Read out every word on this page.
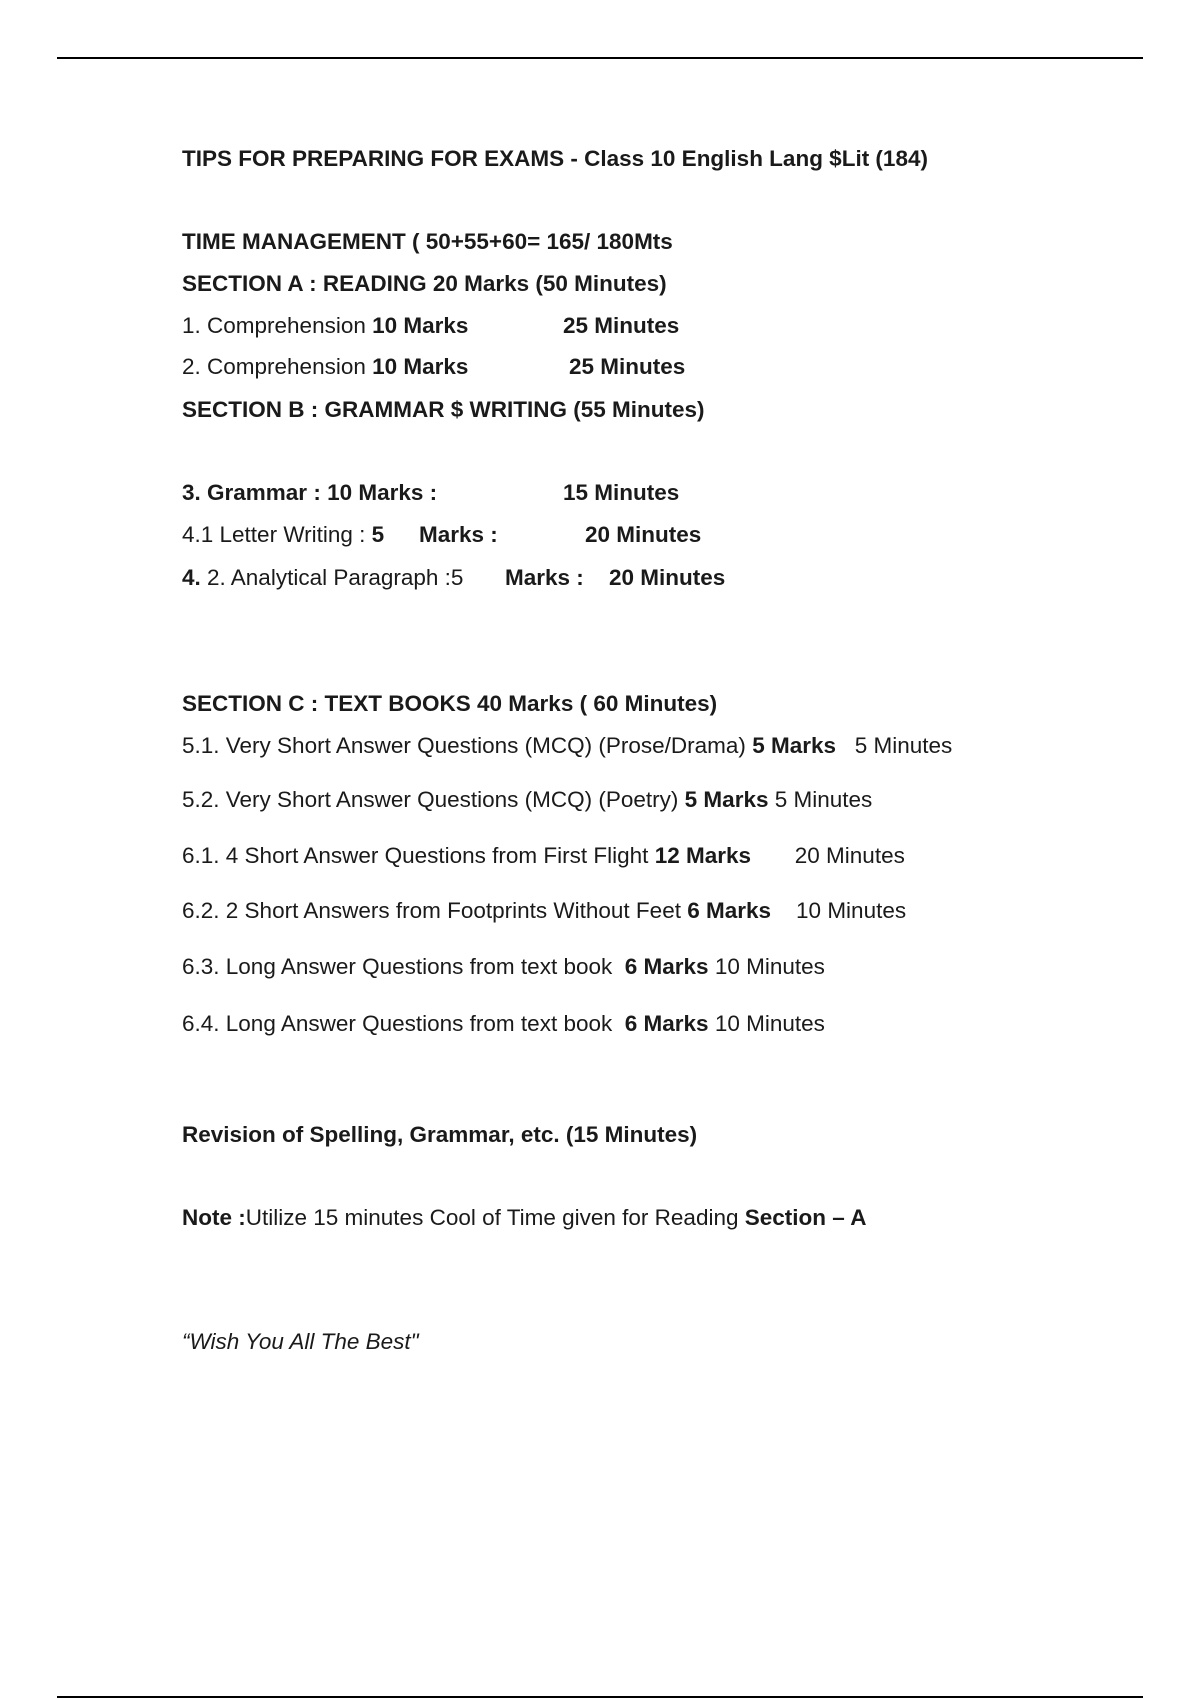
TIPS FOR PREPARING FOR EXAMS - Class 10 English Lang $Lit (184)
TIME MANAGEMENT ( 50+55+60= 165/ 180Mts
SECTION A : READING 20 Marks (50 Minutes)
1. Comprehension 10 Marks	25 Minutes
2. Comprehension 10 Marks	25 Minutes
SECTION B : GRAMMAR $ WRITING (55 Minutes)
3. Grammar : 10 Marks :	15 Minutes
4.1 Letter Writing : 5 Marks :	20 Minutes
4. 2. Analytical Paragraph :5 Marks : 20 Minutes
SECTION C : TEXT BOOKS 40 Marks ( 60 Minutes)
5.1. Very Short Answer Questions (MCQ) (Prose/Drama) 5 Marks   5 Minutes
5.2. Very Short Answer Questions (MCQ) (Poetry) 5 Marks 5 Minutes
6.1. 4 Short Answer Questions from First Flight 12 Marks       20 Minutes
6.2. 2 Short Answers from Footprints Without Feet 6 Marks    10 Minutes
6.3. Long Answer Questions from text book  6 Marks 10 Minutes
6.4. Long Answer Questions from text book  6 Marks 10 Minutes
Revision of Spelling, Grammar, etc. (15 Minutes)
Note :Utilize 15 minutes Cool of Time given for Reading Section – A
“Wish You All The Best"
